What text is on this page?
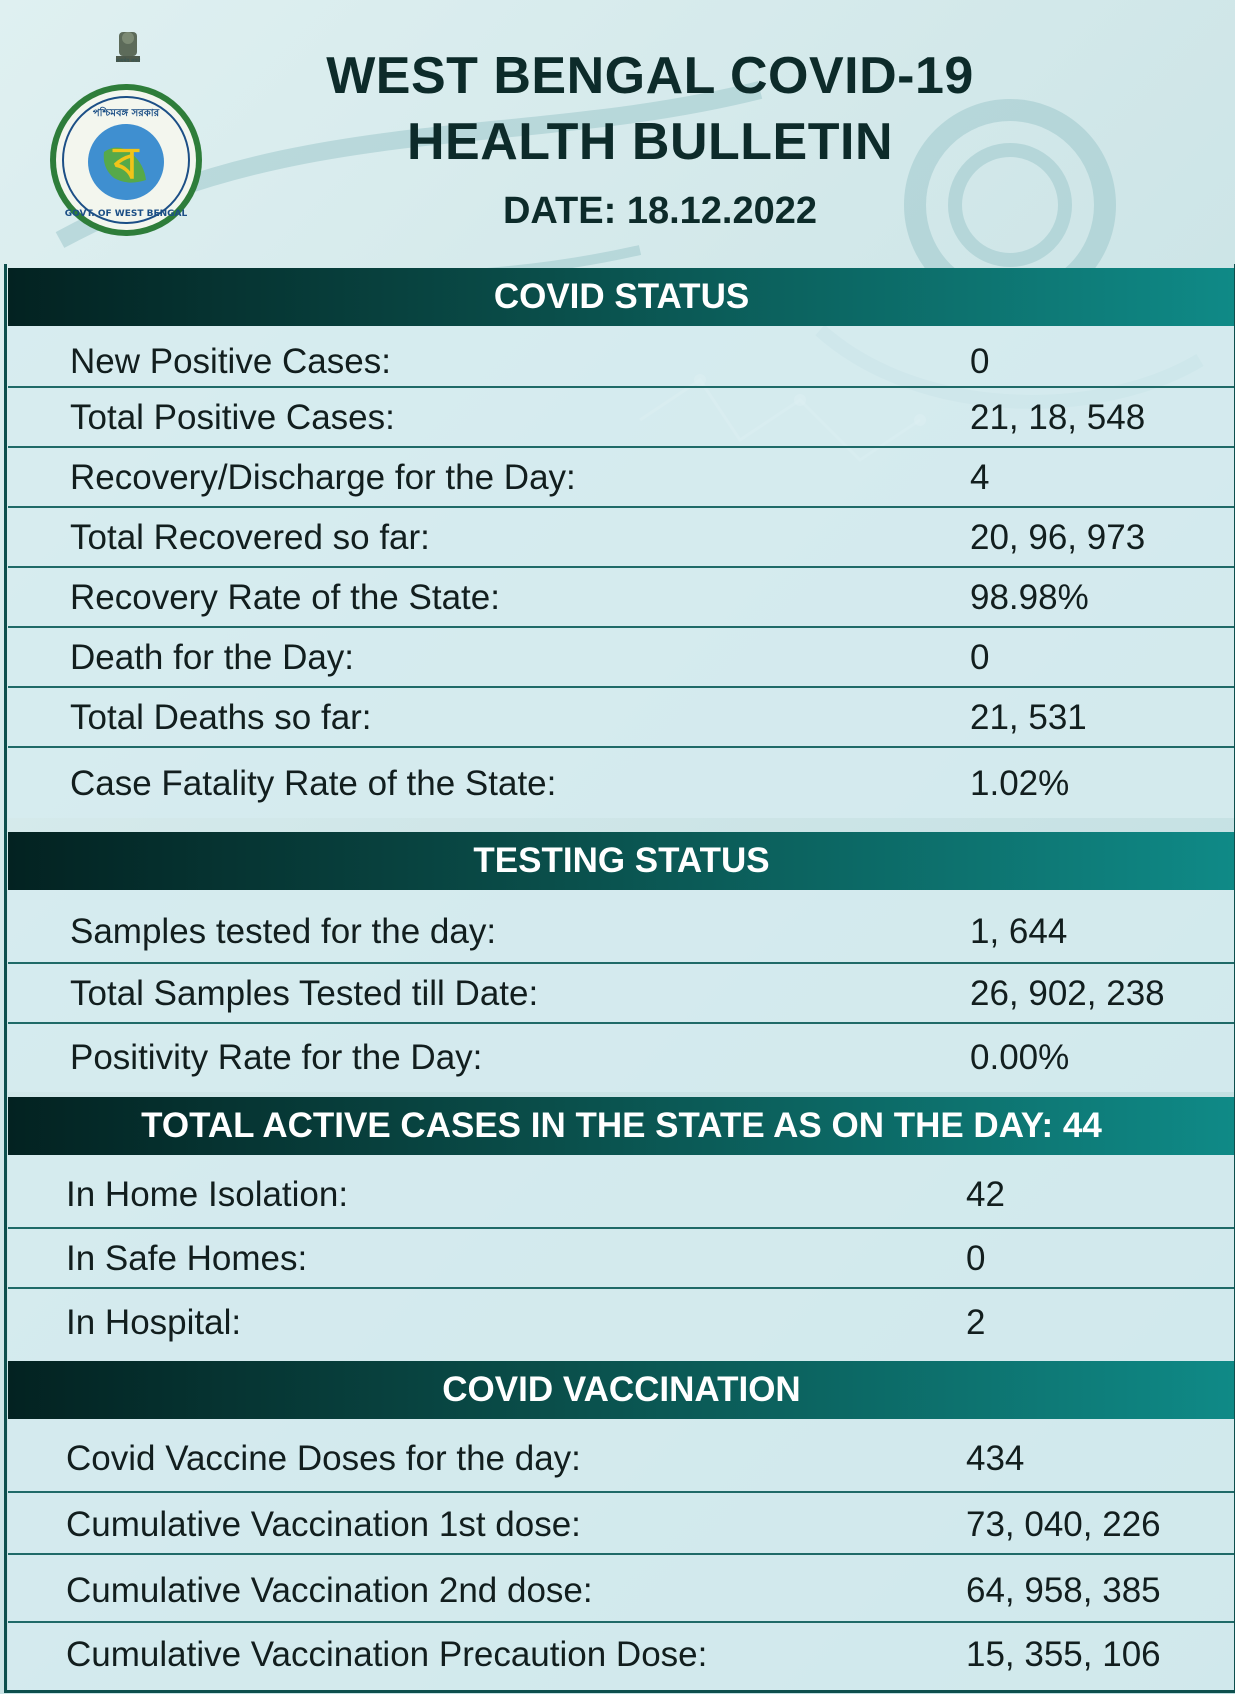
सत्यमेव जयते
ব
পশ্চিমবঙ্গ সরকার
GOVT. OF WEST BENGAL
WEST BENGAL COVID-19
HEALTH BULLETIN
DATE: 18.12.2022
COVID STATUS
New Positive Cases:	0
Total Positive Cases:	21, 18, 548
Recovery/Discharge for the Day:	4
Total Recovered so far:	20, 96, 973
Recovery Rate of the State:	98.98%
Death for the Day:	0
Total Deaths so far:	21, 531
Case Fatality Rate of the State:	1.02%
TESTING STATUS
Samples tested for the day:	1, 644
Total Samples Tested till Date:	26, 902, 238
Positivity Rate for the Day:	0.00%
TOTAL ACTIVE CASES IN THE STATE AS ON THE DAY: 44
In Home Isolation:	42
In Safe Homes:	0
In Hospital:	2
COVID VACCINATION
Covid Vaccine Doses for the day:	434
Cumulative Vaccination 1st dose:	73, 040, 226
Cumulative Vaccination 2nd dose:	64, 958, 385
Cumulative Vaccination Precaution Dose:	15, 355, 106
